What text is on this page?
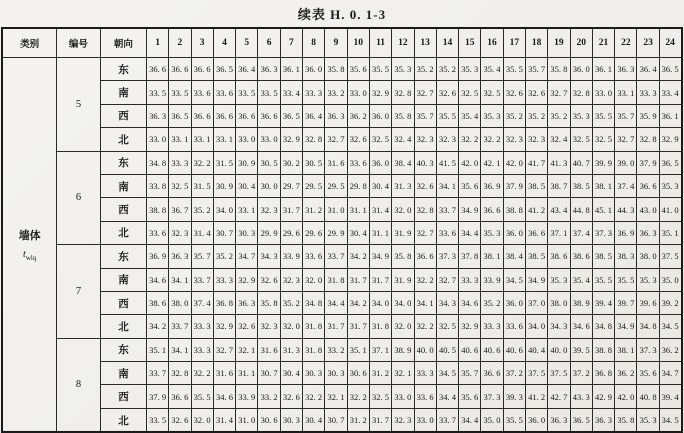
续表 H. 0. 1-3
类别	编号	朝向	1	2	3	4	5	6	7	8	9	10	11	12	13	14	15	16	17	18	19	20	21	22	23	24

墙体
$t_{wlq}$	5	东	36. 6	36. 6	36. 6	36. 5	36. 4	36. 3	36. 1	36. 0	35. 8	35. 6	35. 5	35. 3	35. 2	35. 2	35. 3	35. 4	35. 5	35. 7	35. 8	36. 0	36. 1	36. 3	36. 4	36. 5
		南	33. 5	33. 5	33. 6	33. 6	33. 5	33. 5	33. 4	33. 3	33. 2	33. 0	32. 9	32. 8	32. 7	32. 6	32. 5	32. 5	32. 6	32. 6	32. 7	32. 8	33. 0	33. 1	33. 3	33. 4
		西	36. 3	36. 5	36. 6	36. 6	36. 6	36. 6	36. 5	36. 4	36. 3	36. 2	36. 0	35. 8	35. 7	35. 5	35. 4	35. 3	35. 2	35. 2	35. 2	35. 3	35. 5	35. 7	35. 9	36. 1
		北	33. 0	33. 1	33. 1	33. 1	33. 0	33. 0	32. 9	32. 8	32. 7	32. 6	32. 5	32. 4	32. 3	32. 3	32. 2	32. 2	32. 3	32. 3	32. 4	32. 5	32. 5	32. 7	32. 8	32. 9
	6	东	34. 8	33. 3	32. 2	31. 5	30. 9	30. 5	30. 2	30. 5	31. 6	33. 6	36. 0	38. 4	40. 3	41. 5	42. 0	42. 1	42. 0	41. 7	41. 3	40. 7	39. 9	39. 0	37. 9	36. 5
		南	33. 8	32. 5	31. 5	30. 9	30. 4	30. 0	29. 7	29. 5	29. 5	29. 8	30. 4	31. 3	32. 6	34. 1	35. 6	36. 9	37. 9	38. 5	38. 7	38. 5	38. 1	37. 4	36. 6	35. 3
		西	38. 8	36. 7	35. 2	34. 0	33. 1	32. 3	31. 7	31. 2	31. 0	31. 1	31. 4	32. 0	32. 8	33. 7	34. 9	36. 6	38. 8	41. 2	43. 4	44. 8	45. 1	44. 3	43. 0	41. 0
		北	33. 6	32. 3	31. 4	30. 7	30. 3	29. 9	29. 6	29. 6	29. 9	30. 4	31. 1	31. 9	32. 7	33. 6	34. 4	35. 3	36. 0	36. 6	37. 1	37. 4	37. 3	36. 9	36. 3	35. 1
	7	东	36. 9	36. 3	35. 7	35. 2	34. 7	34. 3	33. 9	33. 6	33. 7	34. 2	34. 9	35. 8	36. 6	37. 3	37. 8	38. 1	38. 4	38. 5	38. 6	38. 6	38. 5	38. 3	38. 0	37. 5
		南	34. 6	34. 1	33. 7	33. 3	32. 9	32. 6	32. 3	32. 0	31. 8	31. 7	31. 7	31. 9	32. 2	32. 7	33. 3	33. 9	34. 5	34. 9	35. 3	35. 4	35. 5	35. 5	35. 3	35. 0
		西	38. 6	38. 0	37. 4	36. 8	36. 3	35. 8	35. 2	34. 8	34. 4	34. 2	34. 0	34. 0	34. 1	34. 3	34. 6	35. 2	36. 0	37. 0	38. 0	38. 9	39. 4	39. 7	39. 6	39. 2
		北	34. 2	33. 7	33. 3	32. 9	32. 6	32. 3	32. 0	31. 8	31. 7	31. 7	31. 8	32. 0	32. 2	32. 5	32. 9	33. 3	33. 6	34. 0	34. 3	34. 6	34. 8	34. 9	34. 8	34. 5
	8	东	35. 1	34. 1	33. 3	32. 7	32. 1	31. 6	31. 3	31. 8	33. 2	35. 1	37. 1	38. 9	40. 0	40. 5	40. 6	40. 6	40. 6	40. 4	40. 0	39. 5	38. 8	38. 1	37. 3	36. 2
		南	33. 7	32. 8	32. 2	31. 6	31. 1	30. 7	30. 4	30. 3	30. 3	30. 6	31. 2	32. 1	33. 3	34. 5	35. 7	36. 6	37. 2	37. 5	37. 5	37. 2	36. 8	36. 2	35. 6	34. 7
		西	37. 9	36. 6	35. 5	34. 6	33. 9	33. 2	32. 6	32. 2	32. 1	32. 2	32. 5	33. 0	33. 6	34. 4	35. 6	37. 3	39. 3	41. 2	42. 7	43. 3	42. 9	42. 0	40. 8	39. 4
		北	33. 5	32. 6	32. 0	31. 4	31. 0	30. 6	30. 3	30. 4	30. 7	31. 2	31. 7	32. 3	33. 0	33. 7	34. 4	35. 0	35. 5	36. 0	36. 3	36. 5	36. 3	35. 8	35. 3	34. 5
